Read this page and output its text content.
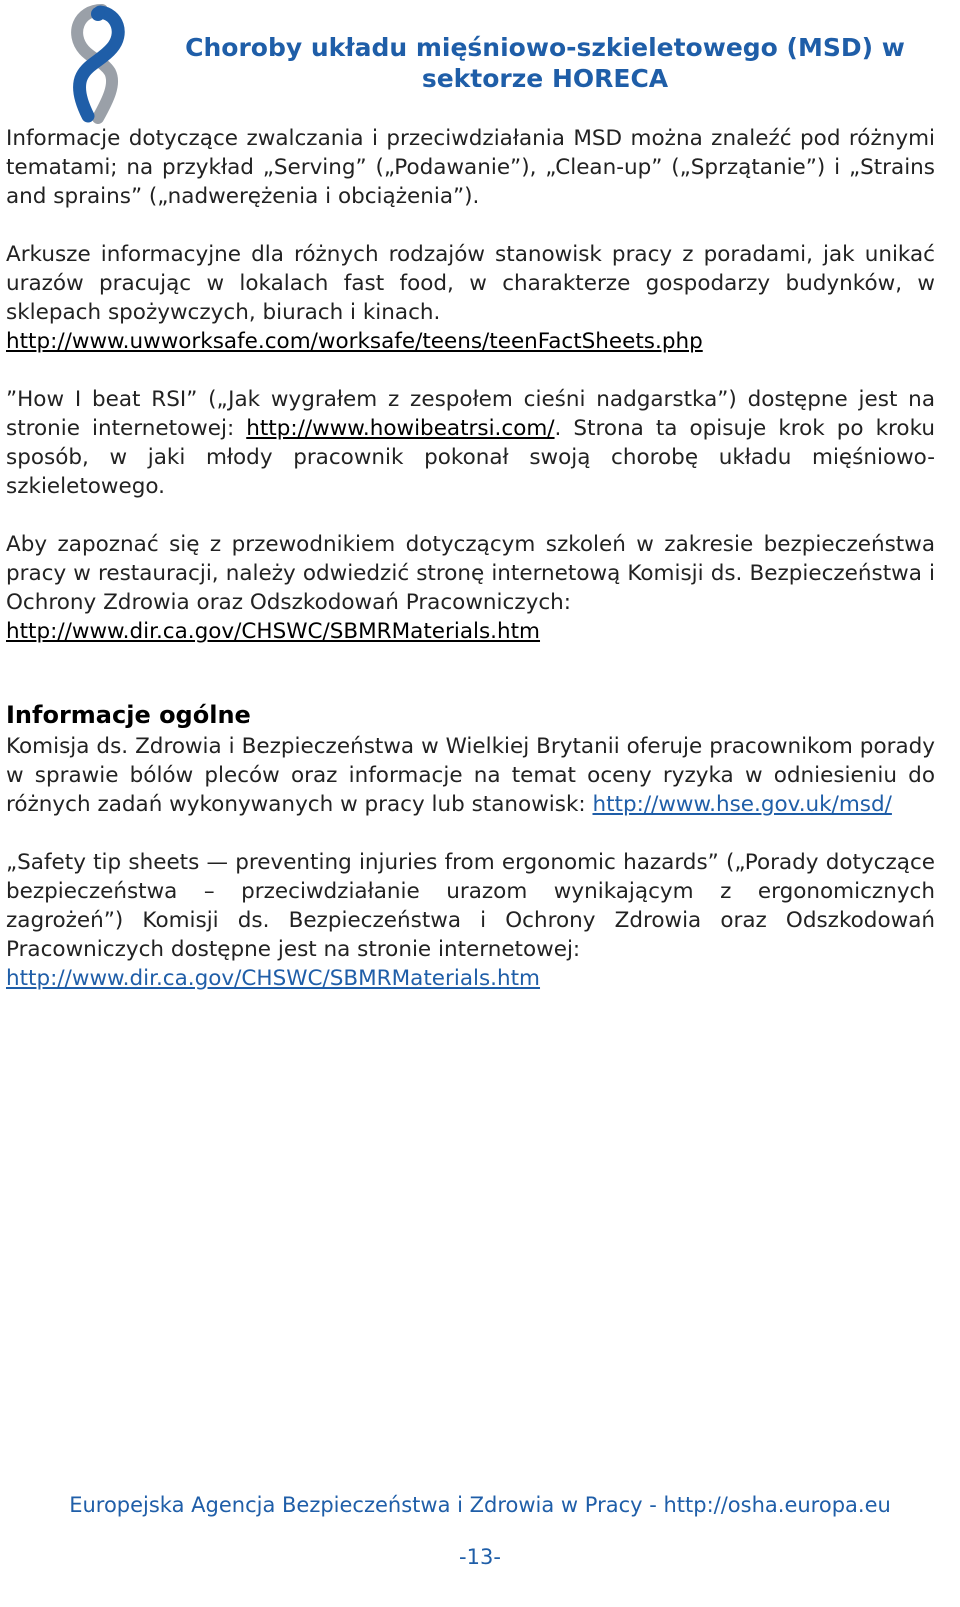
Choroby układu mięśniowo-szkieletowego (MSD) w sektorze HORECA

Informacje dotyczące zwalczania i przeciwdziałania MSD można znaleźć pod różnymi tematami; na przykład „Serving” („Podawanie”), „Clean-up” („Sprzątanie”) i „Strains and sprains” („nadwerężenia i obciążenia”).

Arkusze informacyjne dla różnych rodzajów stanowisk pracy z poradami, jak unikać urazów pracując w lokalach fast food, w charakterze gospodarzy budynków, w sklepach spożywczych, biurach i kinach.
http://www.uwworksafe.com/worksafe/teens/teenFactSheets.php

”How I beat RSI” („Jak wygrałem z zespołem cieśni nadgarstka”) dostępne jest na stronie internetowej: http://www.howibeatrsi.com/. Strona ta opisuje krok po kroku sposób, w jaki młody pracownik pokonał swoją chorobę układu mięśniowo-szkieletowego.

Aby zapoznać się z przewodnikiem dotyczącym szkoleń w zakresie bezpieczeństwa pracy w restauracji, należy odwiedzić stronę internetową Komisji ds. Bezpieczeństwa i Ochrony Zdrowia oraz Odszkodowań Pracowniczych:
http://www.dir.ca.gov/CHSWC/SBMRMaterials.htm

Informacje ogólne

Komisja ds. Zdrowia i Bezpieczeństwa w Wielkiej Brytanii oferuje pracownikom porady w sprawie bólów pleców oraz informacje na temat oceny ryzyka w odniesieniu do różnych zadań wykonywanych w pracy lub stanowisk: http://www.hse.gov.uk/msd/

„Safety tip sheets — preventing injuries from ergonomic hazards” („Porady dotyczące bezpieczeństwa – przeciwdziałanie urazom wynikającym z ergonomicznych zagrożeń”) Komisji ds. Bezpieczeństwa i Ochrony Zdrowia oraz Odszkodowań Pracowniczych dostępne jest na stronie internetowej:
http://www.dir.ca.gov/CHSWC/SBMRMaterials.htm

Europejska Agencja Bezpieczeństwa i Zdrowia w Pracy - http://osha.europa.eu
-13-
